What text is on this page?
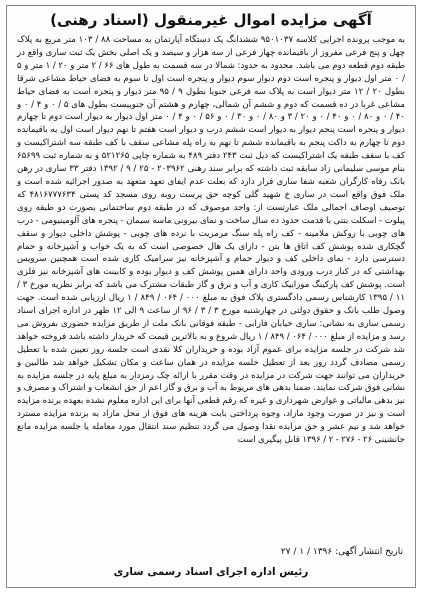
آگهی مزایده اموال غیرمنقول (اسناد رهنی)
به موجب پرونده اجرایی کلاسه ۹۵۰۱۰۳۷ ششدانگ یک دستگاه آپارتمان به مساحت ۸۸ / ۱۰۳ متر مربع به پلاک چهل و پنج فرعی مفروز از باقیمانده چهار فرعی از سه هزار و سیصد و یک اصلی بخش یک ثبت ساری واقع در طبقه دوم قطعه دوم می باشد. محدود به حدود: شمالا در سه قسمت به طول های ۶۶ / ۲ متر و ۲۰ / ۱ متر و ۵ / ۰ متر اول دیوار و پنجره است دوم دیوار سوم دیوار و پنجره است اول تا سوم به فضای حیاط مشاعی شرقا بطول ۲۰ / ۱۲ متر دیوار است به پلاک سه فرعی جنوبا بطول ۹ / ۹۵ متر دیوار و پنجره است به فضای حیاط مشاعی غربا در ده قسمت که دوم و ششم آن شمالی، چهارم و هشتم آن جنوبیست بطول های ۵ / ۰ و ۴ / ۰ و ۴۰ / ۰ و ۸۰ / ۰ و ۴۰ / ۰ و ۲۰ / ۳ و ۸۰ / ۰ و ۳۰ / ۰ و ۵۶ / ۰ و ۴ / ۰ متر اول دیوار به دیوار است دوم تا چهارم دیوار و پنجره است پنجم دیوار به دیوار است ششم درب و دیوار است هفتم تا نهم دیوار است اول به باقیمانده دوم تا چهارم به داکت پنجم به باقیمانده ششم تا نهم به راه پله مشاعی سقف با کف طبقه سه اشتراکیست و کف با سقف طبقه یک اشتراکیست که ذیل ثبت ۲۴۳ دفتر ۴۸۹ به شماره چاپی ۵۲۱۲۶۵ و به شماره ثبت ۶۵۶۹۹ بنام موسی سلیمانی زاد سابقه ثبت داشته که برابر سند رهنی ۲۰۳۹۶۲ - ۲۵ / ۹ / ۱۳۹۲ دفتر ۳۳ ساری در رهن بانک رفاه کارگران شعبه شفا ساری قرار دارد که بعلت عدم ایفای تعهد متعهد به صدور اجرائیه شده است و ملک فوق واقع است در ساری خ شهید گلی کوچه حق پرست روبه روی مسجد کد پستی ۴۸۱۶۷۷۷۶۳۴ که توصیف اوصاف اجمالی ملک عبارتست از: واحد موصوف که در طبقه دوم ساختمانی بصورت دو طبقه روی پیلوت - اسکلت بتنی با قدمت حدود ده سال ساخت و نمای بیرونی ماسه سیمان - پنجره های آلومینیومی - درب های چوبی با روکش ملامینه - کف راه پله سنگ مرمریت با نرده های چوبی - پوشش داخلی دیوار و سقف گچکاری شده پوشش کف اتاق ها بتن - دارای یک هال خصوصی است که به یک خواب و آشپزخانه و حمام دسترسی دارد - نمای داخلی کف و دیوار حمام و آشپزخانه نیز سرامیک کاری شده است همچنین سرویس بهداشتی که در کنار درب ورودی واحد دارای همین پوشش کف و دیوار بوده و کابینت های آشپزخانه نیز فلزی است. پوشش کف پارکینگ موزاییک کاری و آب و برق و گاز طبقات مشترک می باشد که برابر نظریه مورخ ۳ / ۱۱ / ۱۳۹۵ کارشناس رسمی دادگستری پلاک فوق به مبلغ ۰۰۰ / ۰۶۴ / ۸۴۹ / ۱ ریال ارزیابی شده است. جهت وصول طلب بانک و حقوق دولتی در چهارشنبه مورخ ۳ / ۳ / ۹۶ از ساعت ۹ الی ۱۲ ظهر در اداره اجرای اسناد رسمی ساری به نشانی: ساری خیابان فارابی - طبقه فوقانی بانک ملت از طریق مزایده حضوری بفروش می رسد و مزایده از مبلغ ۰۰۰ / ۰۶۴ / ۸۴۹ / ۱ ریال شروع و به بالاترین قیمت که خریدار داشته باشد فروخته خواهد شد شرکت در جلسه مزایده برای عموم آزاد بوده و خریداران کلا نقدی است جلسه روز تعیین شده با تعطیل رسمی مصادف گردد روز بعد از تعطیل جلسه مزایده در همان ساعت و مکان تشکیل خواهد شد طالبین و خریداران می توانند جهت شرکت در مزایده در وقت مقرر با ارائه چک رمزدار به مبلغ پایه در جلسه مزایده به نشانی فوق شرکت نمایند. ضمنا بدهی های مربوط به آب و برق و گاز اعم از حق انشعاب و اشتراک و مصرف و نیز بدهی مالیاتی و عوارض شهرداری و غیره که رقم قطعی آنها برای این اداره معلوم نشده بعهده برنده مزایده است و نیز در صورت وجود مازاد، وجوه پرداختی بابت هزینه های فوق از محل مازاد به برنده مزایده مسترد خواهد شد و نیم عشر و حق مزایده نقدا وصول می گردد تنظیم سند انتقال مورد معامله یا جلسه مزایده مانع جانشینی ۲۶ - ۲۷۶ - ۲ / ۱۳۹۶ قابل پیگیری است
تاریخ انتشار آگهی: ۱۳۹۶ / ۱ / ۲۷
رئیس اداره اجرای اسناد رسمی ساری
